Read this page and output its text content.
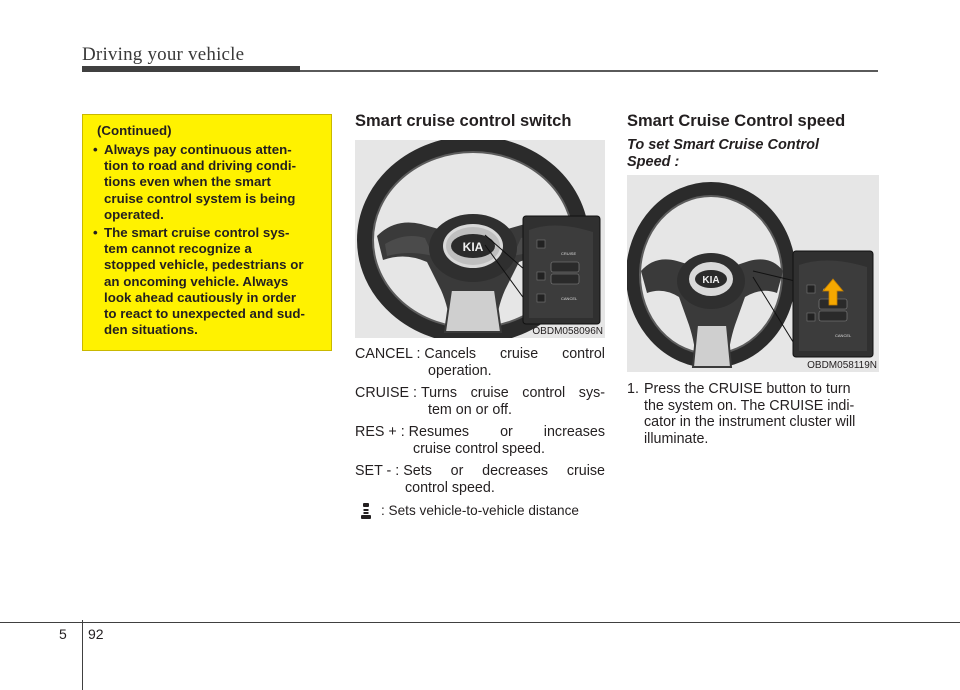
Driving your vehicle
(Continued)
• Always pay continuous atten-
tion to road and driving condi-
tions even when the smart
cruise control system is being
operated.
• The smart cruise control sys-
tem cannot recognize a
stopped vehicle, pedestrians or
an oncoming vehicle. Always
look ahead cautiously in order
to react to unexpected and sud-
den situations.
Smart cruise control switch
KIA	CRUISE
CANCEL
OBDM058096N
CANCEL : Cancels cruise control
operation.
CRUISE : Turns cruise control sys-
tem on or off.
RES + : Resumes or increases
cruise control speed.
SET - : Sets or decreases cruise
control speed.
: Sets vehicle-to-vehicle distance
Smart Cruise Control speed
To set Smart Cruise Control
Speed :
KIA
CANCEL
OBDM058119N
1. Press the CRUISE button to turn
the system on. The CRUISE indi-
cator in the instrument cluster will
illuminate.
5 92
